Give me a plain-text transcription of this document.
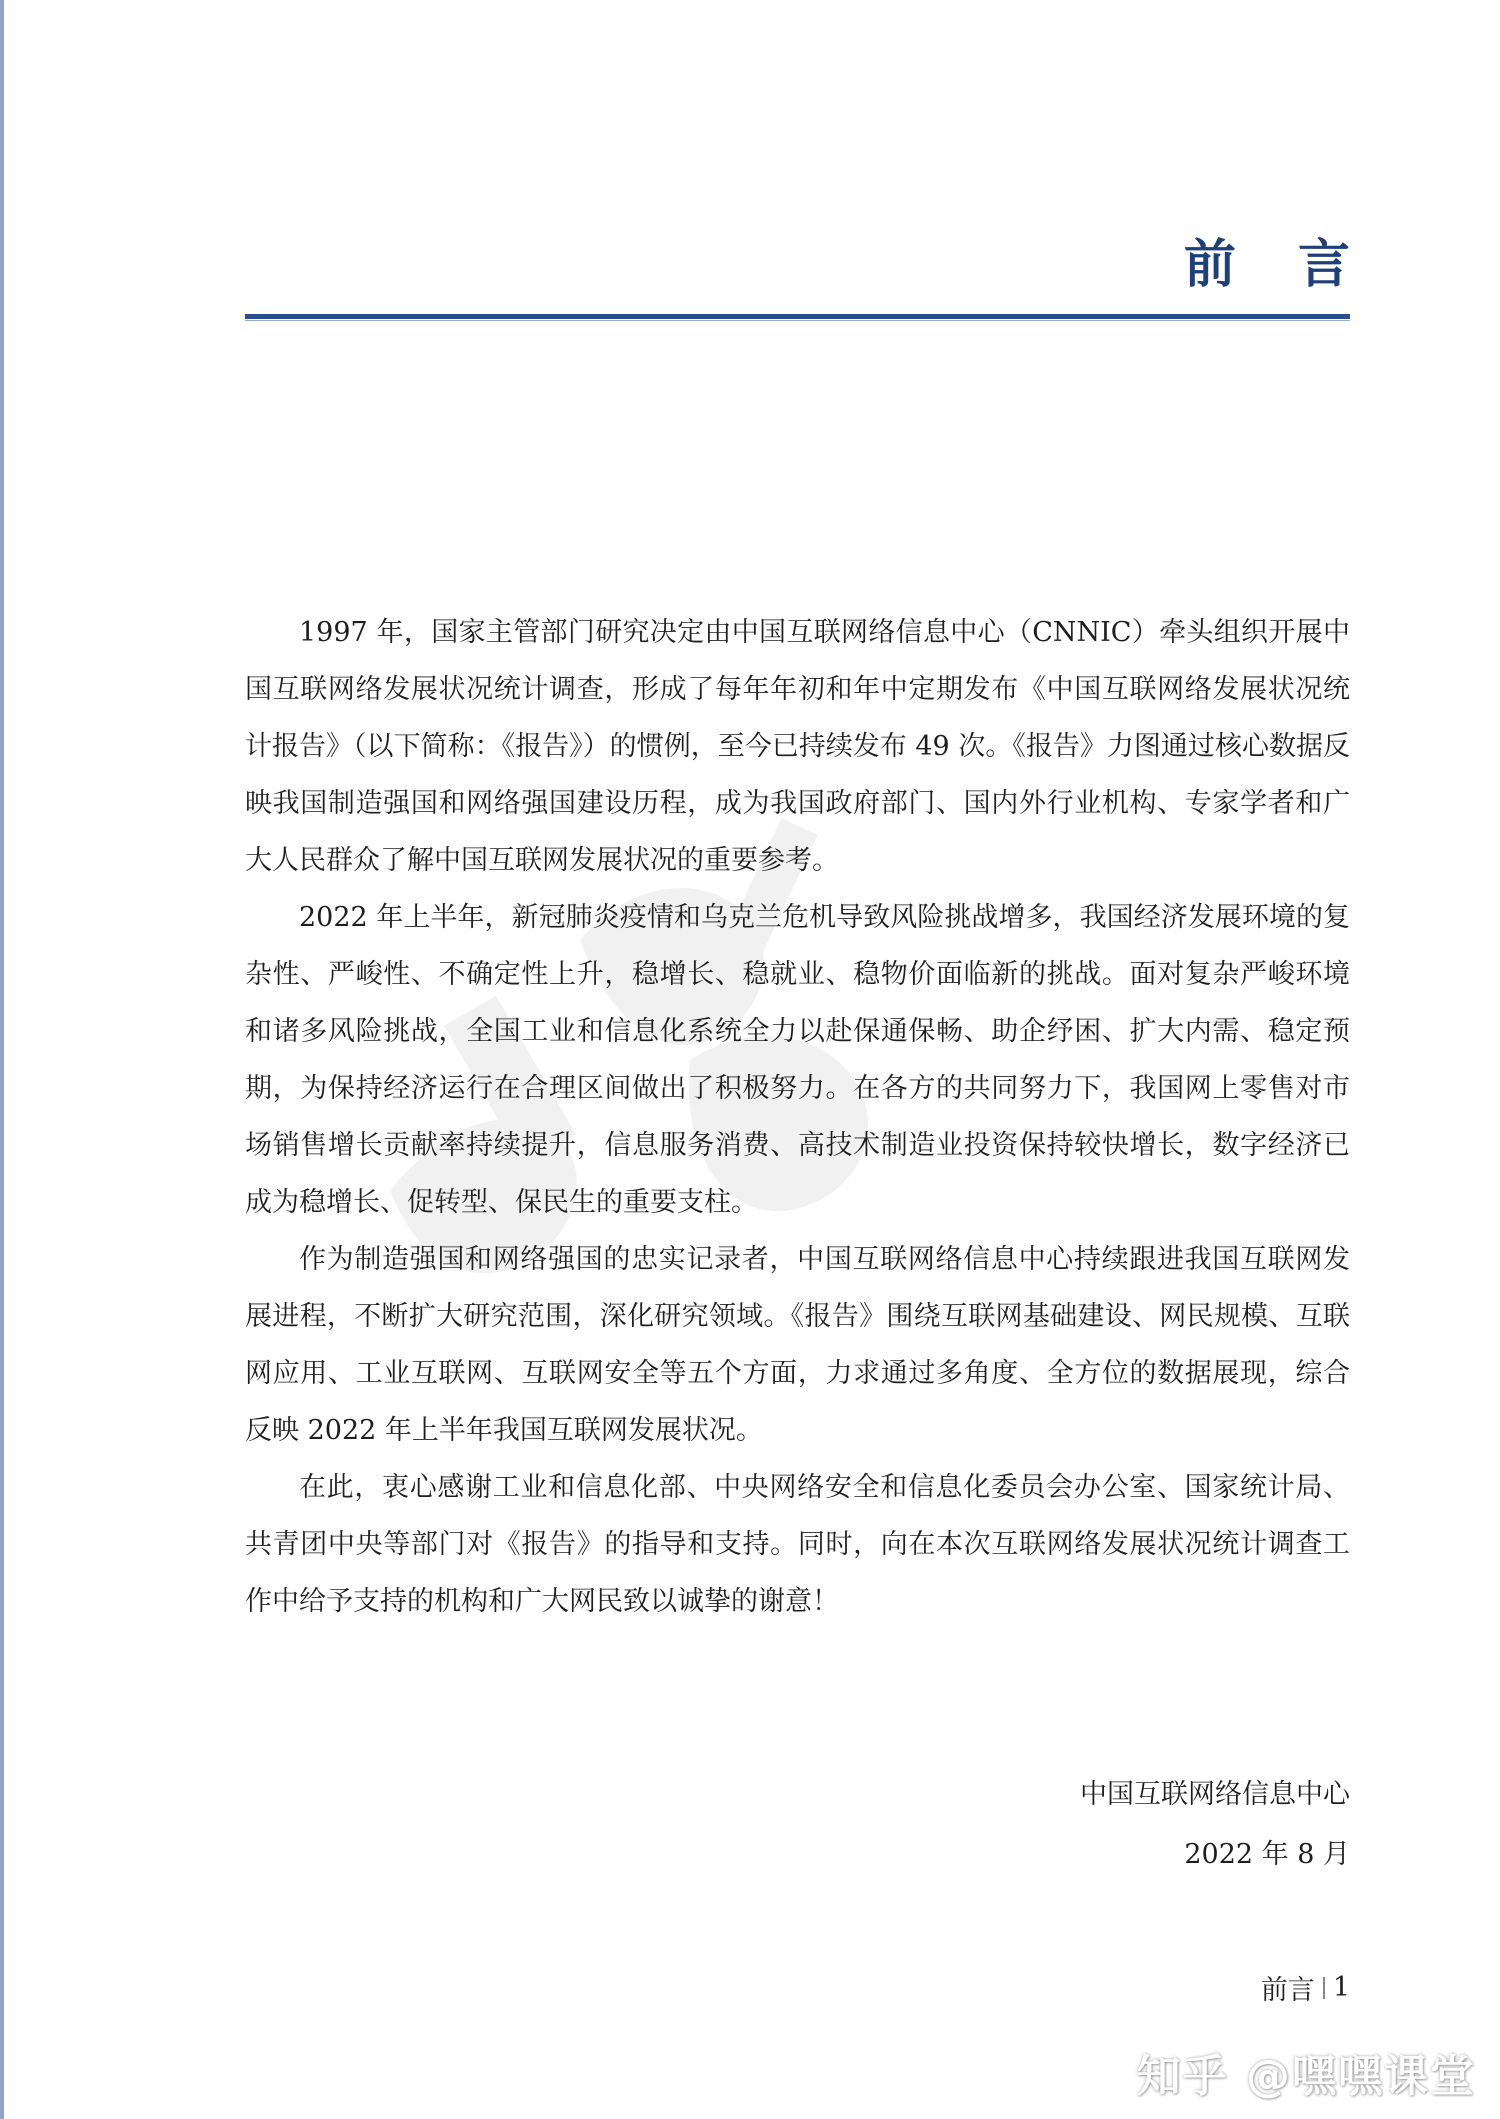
前 言

1997 年，国家主管部门研究决定由中国互联网络信息中心（CNNIC）牵头组织开展中国互联网络发展状况统计调查，形成了每年年初和年中定期发布《中国互联网络发展状况统计报告》（以下简称：《报告》）的惯例，至今已持续发布 49 次。《报告》力图通过核心数据反映我国制造强国和网络强国建设历程，成为我国政府部门、国内外行业机构、专家学者和广大人民群众了解中国互联网发展状况的重要参考。

2022 年上半年，新冠肺炎疫情和乌克兰危机导致风险挑战增多，我国经济发展环境的复杂性、严峻性、不确定性上升，稳增长、稳就业、稳物价面临新的挑战。面对复杂严峻环境和诸多风险挑战，全国工业和信息化系统全力以赴保通保畅、助企纾困、扩大内需、稳定预期，为保持经济运行在合理区间做出了积极努力。在各方的共同努力下，我国网上零售对市场销售增长贡献率持续提升，信息服务消费、高技术制造业投资保持较快增长，数字经济已成为稳增长、促转型、保民生的重要支柱。

作为制造强国和网络强国的忠实记录者，中国互联网络信息中心持续跟进我国互联网发展进程，不断扩大研究范围，深化研究领域。《报告》围绕互联网基础建设、网民规模、互联网应用、工业互联网、互联网安全等五个方面，力求通过多角度、全方位的数据展现，综合反映 2022 年上半年我国互联网发展状况。

在此，衷心感谢工业和信息化部、中央网络安全和信息化委员会办公室、国家统计局、共青团中央等部门对《报告》的指导和支持。同时，向在本次互联网络发展状况统计调查工作中给予支持的机构和广大网民致以诚挚的谢意！

中国互联网络信息中心
2022 年 8 月
前言 1
知乎 @嘿嘿课堂
